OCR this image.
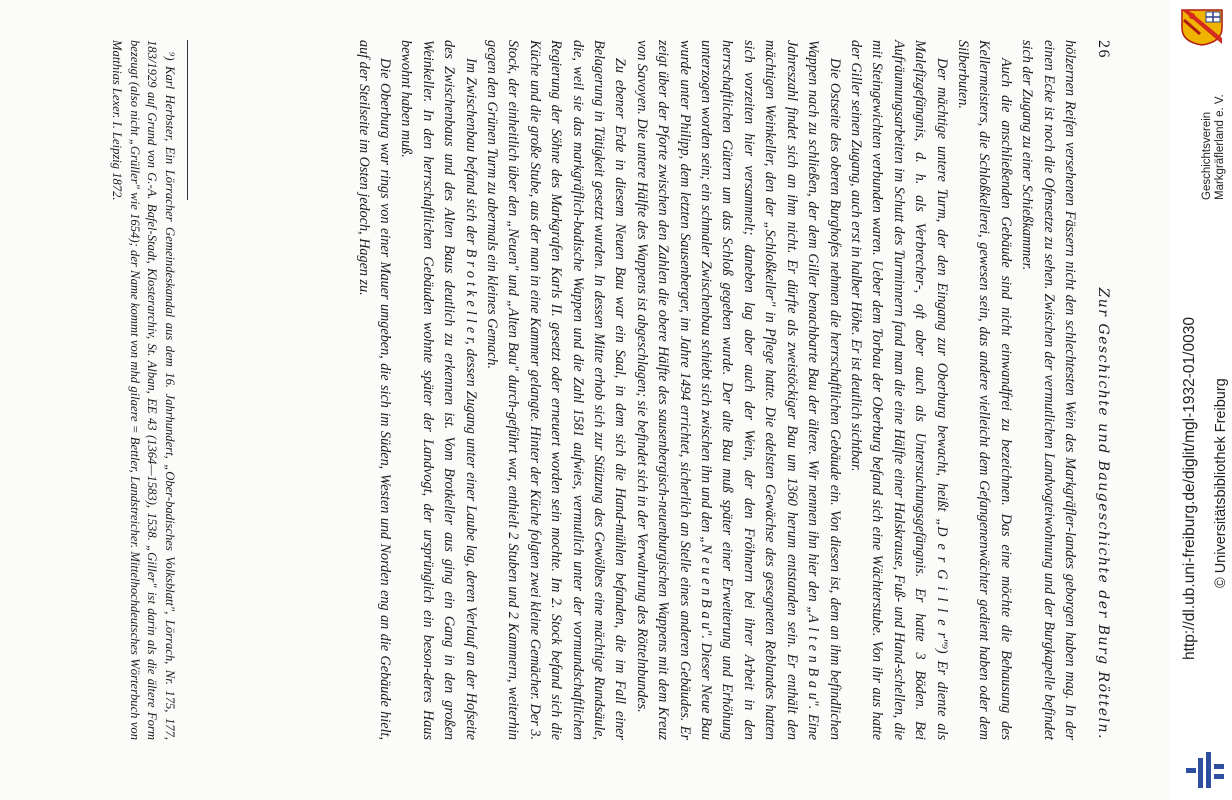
26
Zur Geschichte und Baugeschichte der Burg Rötteln.

hölzernen Reifen versehenen Fässern nicht den schlechtesten Wein des Markgräfler-landes geborgen haben mag. In der einen Ecke ist noch die Ofensetze zu sehen. Zwischen der vermutlichen Landvogteiwohnung und der Burgkapelle befindet sich der Zugang zu einer Schießkammer.

Auch die anschließenden Gebäude sind nicht einwandfrei zu bezeichnen. Das eine möchte die Behausung des Kellermeisters, die Schloßkellerei, gewesen sein, das andere vielleicht dem Gefangenenwächter gedient haben oder dem Silberbuten.

Der mächtige untere Turm, der den Eingang zur Oberburg bewacht, heißt „D e r G i l l e r"⁹) Er diente als Malefizgefängnis, d. h. als Verbrecher-, oft aber auch als Untersuchungsgefängnis. Er hatte 3 Böden. Bei Aufräumungsarbeiten im Schutt des Turminnern fand man die eine Hälfte einer Halskrause, Fuß- und Hand-schellen, die mit Steingewichten verbunden waren. Ueber dem Torbau der Oberburg befand sich eine Wächterstube. Von ihr aus hatte der Giller seinen Zugang, auch erst in halber Höhe. Er ist deutlich sichtbar.

Die Ostseite des oberen Burghofes nehmen die herrschaftlichen Gebäude ein. Von diesen ist, dem an ihm befindlichen Wappen nach zu schließen, der dem Giller benachbarte Bau der ältere. Wir nennen ihn hier den „A l t e n B a u". Eine Jahreszahl findet sich an ihm nicht. Er dürfte als zweistöckiger Bau um 1360 herum entstanden sein. Er enthält den mächtigen Weinkeller, den der „Schloßkeller" in Pflege hatte. Die edelsten Gewächse des gesegneten Reblandes hatten sich vorzeiten hier versammelt; daneben lag aber auch der Wein, der den Fröhnern bei ihrer Arbeit in den herrschaftlichen Gütern um das Schloß gegeben wurde. Der alte Bau muß später einer Erweiterung und Erhöhung unterzogen worden sein; ein schmaler Zwischenbau schiebt sich zwischen ihn und den „N e u e n B a u". Dieser Neue Bau wurde unter Philipp, dem letzten Sausenberger, im Jahre 1494 errichtet, sicherlich an Stelle eines anderen Gebäudes. Er zeigt über der Pforte zwischen den Zahlen die obere Hälfte des sausenbergisch-neuenburgischen Wappens mit dem Kreuz von Savoyen. Die untere Hälfte des Wappens ist abgeschlagen; sie befindet sich in der Verwahrung des Röttelnbundes.

Zu ebener Erde in diesem Neuen Bau war ein Saal, in dem sich die Hand-mühlen befanden, die im Fall einer Belagerung in Tätigkeit gesetzt wurden. In dessen Mitte erhob sich zur Stützung des Gewölbes eine mächtige Rundsäule, die, weil sie das markgräflich-badische Wappen und die Zahl 1581 aufwies, vermutlich unter der vormundschaftlichen Regierung der Söhne des Markgrafen Karls II. gesetzt oder erneuert worden sein mochte. Im 2. Stock befand sich die Küche und die große Stube, aus der man in eine Kammer gelangte. Hinter der Küche folgten zwei kleine Gemächer. Der 3. Stock, der einheitlich über den „Neuen" und „Alten Bau" durch-geführt war, enthielt 2 Stuben und 2 Kammern, weiterhin gegen den Grünen Turm zu abermals ein kleines Gemach.

Im Zwischenbau befand sich der B r o t k e l l e r, dessen Zugang unter einer Laube lag, deren Verlauf an der Hofseite des Zwischenbaus und des Alten Baus deutlich zu erkennen ist. Vom Brotkeller aus ging ein Gang in den großen Weinkeller. In den herrschaftlichen Gebäuden wohnte später der Landvogt, der ursprünglich ein beson-deres Haus bewohnt haben muß.

Die Oberburg war rings von einer Mauer umgeben, die sich im Süden, Westen und Norden eng an die Gebäude hielt, auf der Steilseite im Osten jedoch, Hagen zu.

⁹) Karl Herbster, Ein Lörracher Gemeindeskandal aus dem 16. Jahrhundert, „Ober-badisches Volksblatt", Lörrach, Nr. 175, 177, 183/1929 auf Grund von G.-A. Bafel-Stadt, Klosterarchiv, St. Alban, EE 43 (1364—1583), 1538. „Giller" ist darin als die ältere Form bezeugt (also nicht „Grüller" wie 1654); der Name kommt von mhd gilaere = Bettler, Landstreicher. Mittelhochdeutsches Wörterbuch von Matthias Lexer. I. Leipzig 1872.	Geschichtsverein Markgräflerland e. V.
http://dl.ub.uni-freiburg.de/diglit/mgl-1932-01/0030 © Universitätsbibliothek Freiburg
